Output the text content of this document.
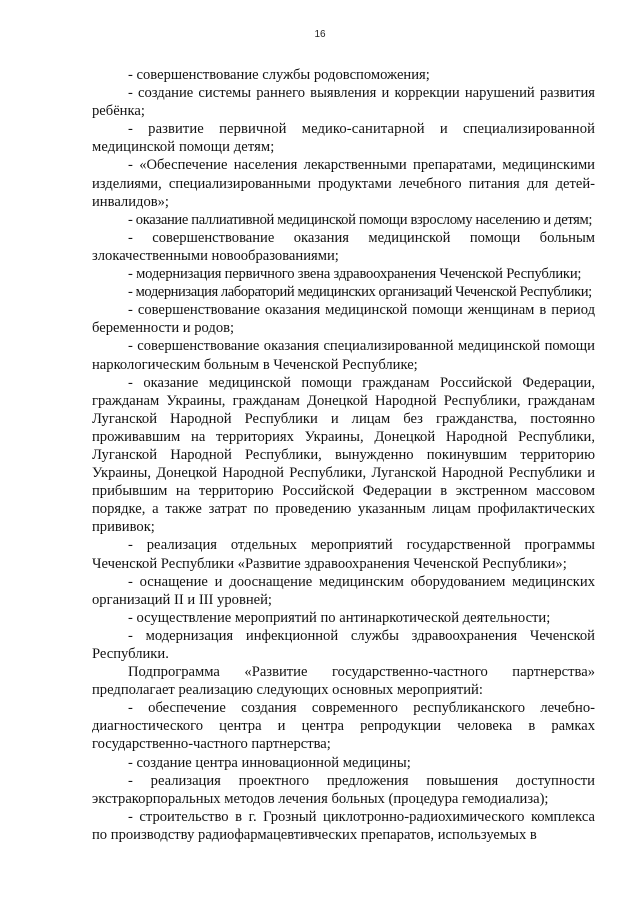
16

- совершенствование службы родовспоможения;

- создание системы раннего выявления и коррекции нарушений развития ребёнка;

- развитие первичной медико-санитарной и специализированной медицинской помощи детям;

- «Обеспечение населения лекарственными препаратами, медицинскими изделиями, специализированными продуктами лечебного питания для детей-инвалидов»;

- оказание паллиативной медицинской помощи взрослому населению и детям;

- совершенствование оказания медицинской помощи больным злокачественными новообразованиями;

- модернизация первичного звена здравоохранения Чеченской Республики;

- модернизация лабораторий медицинских организаций Чеченской Республики;

- совершенствование оказания медицинской помощи женщинам в период беременности и родов;

- совершенствование оказания специализированной медицинской помощи наркологическим больным в Чеченской Республике;

- оказание медицинской помощи гражданам Российской Федерации, гражданам Украины, гражданам Донецкой Народной Республики, гражданам Луганской Народной Республики и лицам без гражданства, постоянно проживавшим на территориях Украины, Донецкой Народной Республики, Луганской Народной Республики, вынужденно покинувшим территорию Украины, Донецкой Народной Республики, Луганской Народной Республики и прибывшим на территорию Российской Федерации в экстренном массовом порядке, а также затрат по проведению указанным лицам профилактических прививок;

- реализация отдельных мероприятий государственной программы Чеченской Республики «Развитие здравоохранения Чеченской Республики»;

- оснащение и дооснащение медицинским оборудованием медицинских организаций II и III уровней;

- осуществление мероприятий по антинаркотической деятельности;

- модернизация инфекционной службы здравоохранения Чеченской Республики.

Подпрограмма «Развитие государственно-частного партнерства» предполагает реализацию следующих основных мероприятий:

- обеспечение создания современного республиканского лечебно-диагностического центра и центра репродукции человека в рамках государственно-частного партнерства;

- создание центра инновационной медицины;

- реализация проектного предложения повышения доступности экстракорпоральных методов лечения больных (процедура гемодиализа);

- строительство в г. Грозный циклотронно-радиохимического комплекса по производству радиофармацевтивческих препаратов, используемых в
